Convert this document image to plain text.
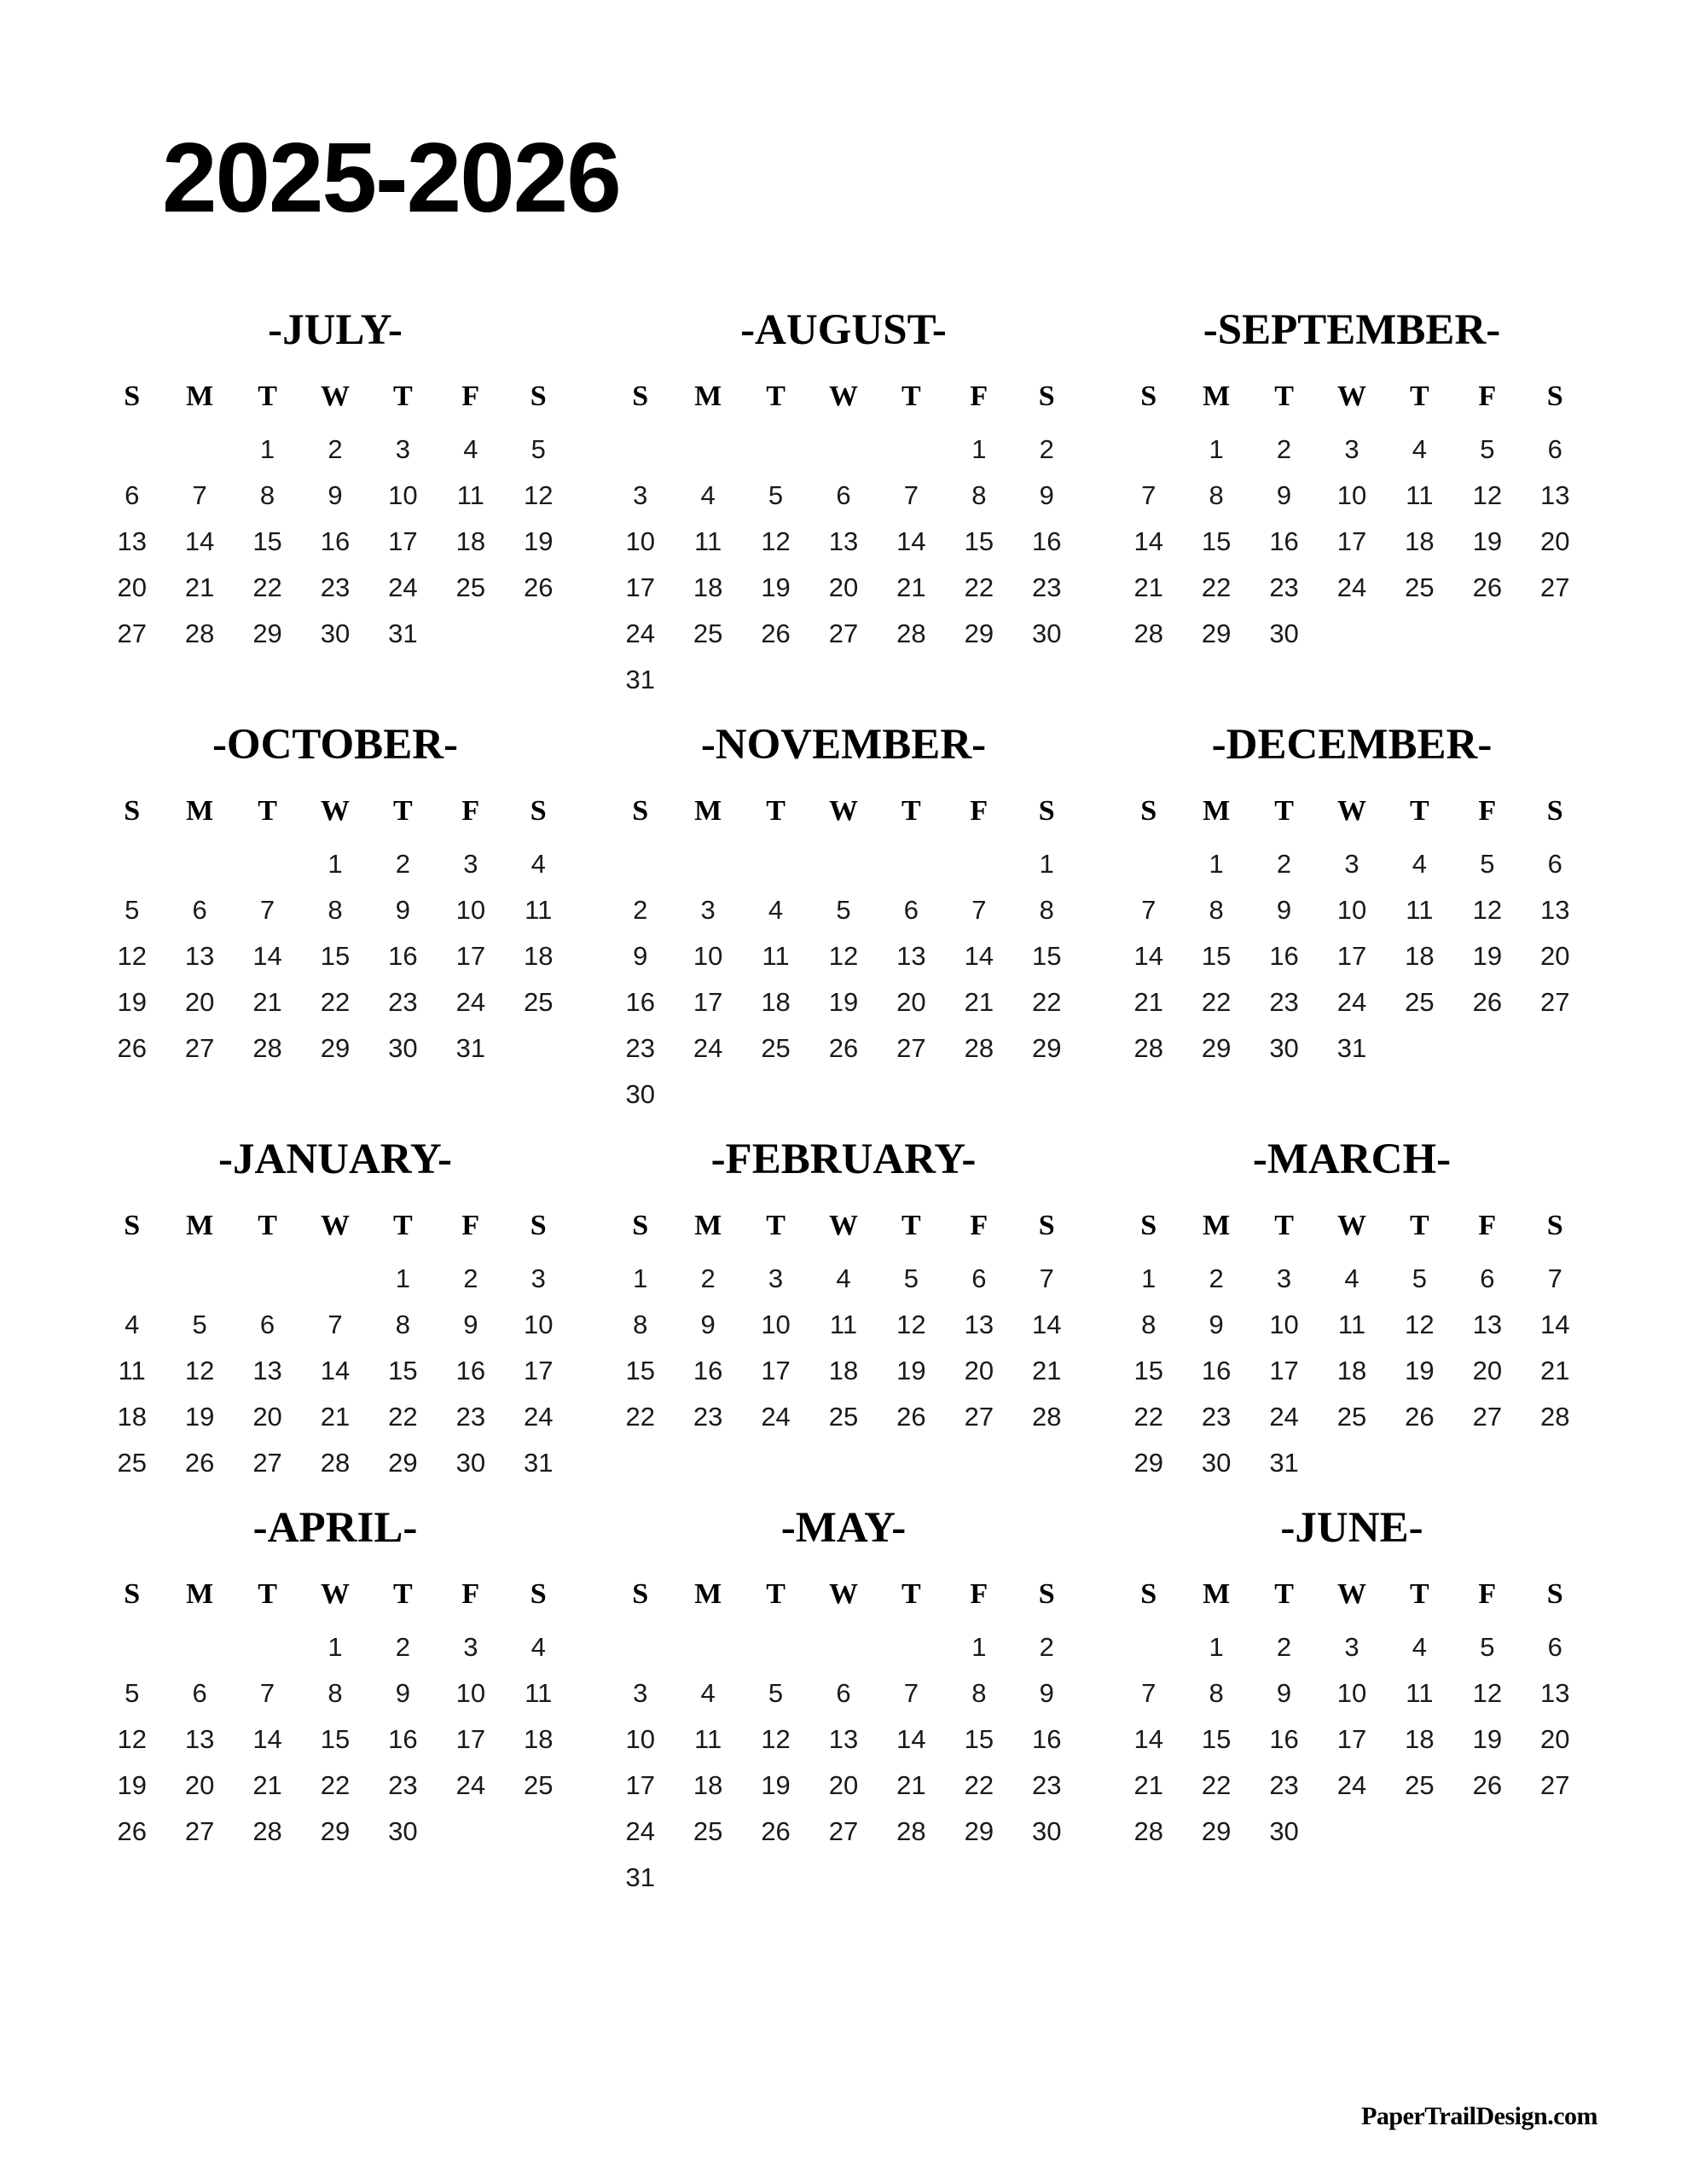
2025-2026
-JULY-
S	M	T	W	T	F	S
		1	2	3	4	5
6	7	8	9	10	11	12
13	14	15	16	17	18	19
20	21	22	23	24	25	26
27	28	29	30	31		
-AUGUST-
S	M	T	W	T	F	S
					1	2
3	4	5	6	7	8	9
10	11	12	13	14	15	16
17	18	19	20	21	22	23
24	25	26	27	28	29	30
31						
-SEPTEMBER-
S	M	T	W	T	F	S
	1	2	3	4	5	6
7	8	9	10	11	12	13
14	15	16	17	18	19	20
21	22	23	24	25	26	27
28	29	30				
-OCTOBER-
S	M	T	W	T	F	S
			1	2	3	4
5	6	7	8	9	10	11
12	13	14	15	16	17	18
19	20	21	22	23	24	25
26	27	28	29	30	31	
-NOVEMBER-
S	M	T	W	T	F	S
						1
2	3	4	5	6	7	8
9	10	11	12	13	14	15
16	17	18	19	20	21	22
23	24	25	26	27	28	29
30						
-DECEMBER-
S	M	T	W	T	F	S
	1	2	3	4	5	6
7	8	9	10	11	12	13
14	15	16	17	18	19	20
21	22	23	24	25	26	27
28	29	30	31			
-JANUARY-
S	M	T	W	T	F	S
				1	2	3
4	5	6	7	8	9	10
11	12	13	14	15	16	17
18	19	20	21	22	23	24
25	26	27	28	29	30	31
-FEBRUARY-
S	M	T	W	T	F	S
1	2	3	4	5	6	7
8	9	10	11	12	13	14
15	16	17	18	19	20	21
22	23	24	25	26	27	28
-MARCH-
S	M	T	W	T	F	S
1	2	3	4	5	6	7
8	9	10	11	12	13	14
15	16	17	18	19	20	21
22	23	24	25	26	27	28
29	30	31				
-APRIL-
S	M	T	W	T	F	S
			1	2	3	4
5	6	7	8	9	10	11
12	13	14	15	16	17	18
19	20	21	22	23	24	25
26	27	28	29	30		
-MAY-
S	M	T	W	T	F	S
					1	2
3	4	5	6	7	8	9
10	11	12	13	14	15	16
17	18	19	20	21	22	23
24	25	26	27	28	29	30
31						
-JUNE-
S	M	T	W	T	F	S
	1	2	3	4	5	6
7	8	9	10	11	12	13
14	15	16	17	18	19	20
21	22	23	24	25	26	27
28	29	30				
PaperTrailDesign.com
